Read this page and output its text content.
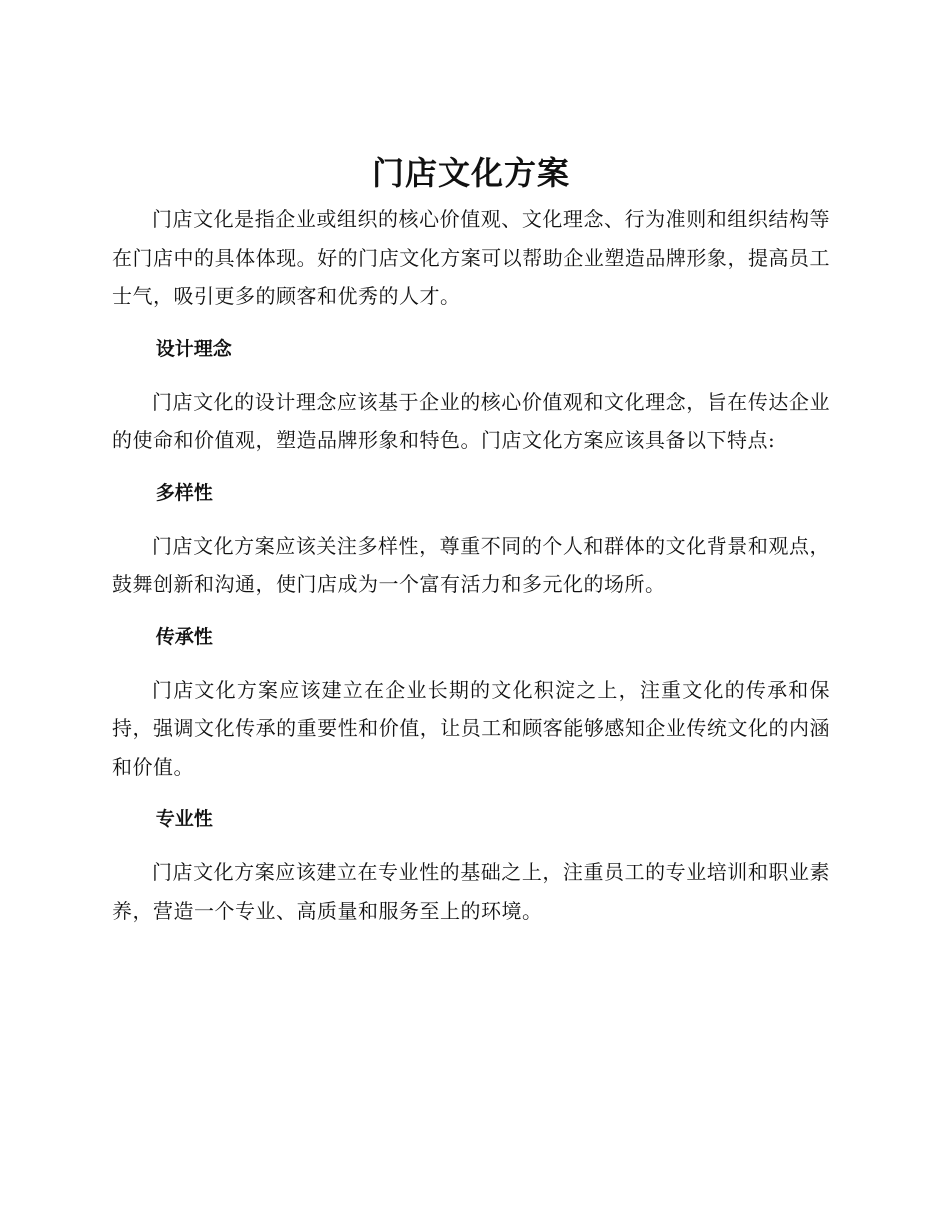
门店文化方案

门店文化是指企业或组织的核心价值观、文化理念、行为准则和组织结构等在门店中的具体体现。好的门店文化方案可以帮助企业塑造品牌形象，提高员工士气，吸引更多的顾客和优秀的人才。

设计理念

门店文化的设计理念应该基于企业的核心价值观和文化理念，旨在传达企业的使命和价值观，塑造品牌形象和特色。门店文化方案应该具备以下特点:

多样性

门店文化方案应该关注多样性，尊重不同的个人和群体的文化背景和观点，鼓舞创新和沟通，使门店成为一个富有活力和多元化的场所。

传承性

门店文化方案应该建立在企业长期的文化积淀之上，注重文化的传承和保持，强调文化传承的重要性和价值，让员工和顾客能够感知企业传统文化的内涵和价值。

专业性

门店文化方案应该建立在专业性的基础之上，注重员工的专业培训和职业素养，营造一个专业、高质量和服务至上的环境。
